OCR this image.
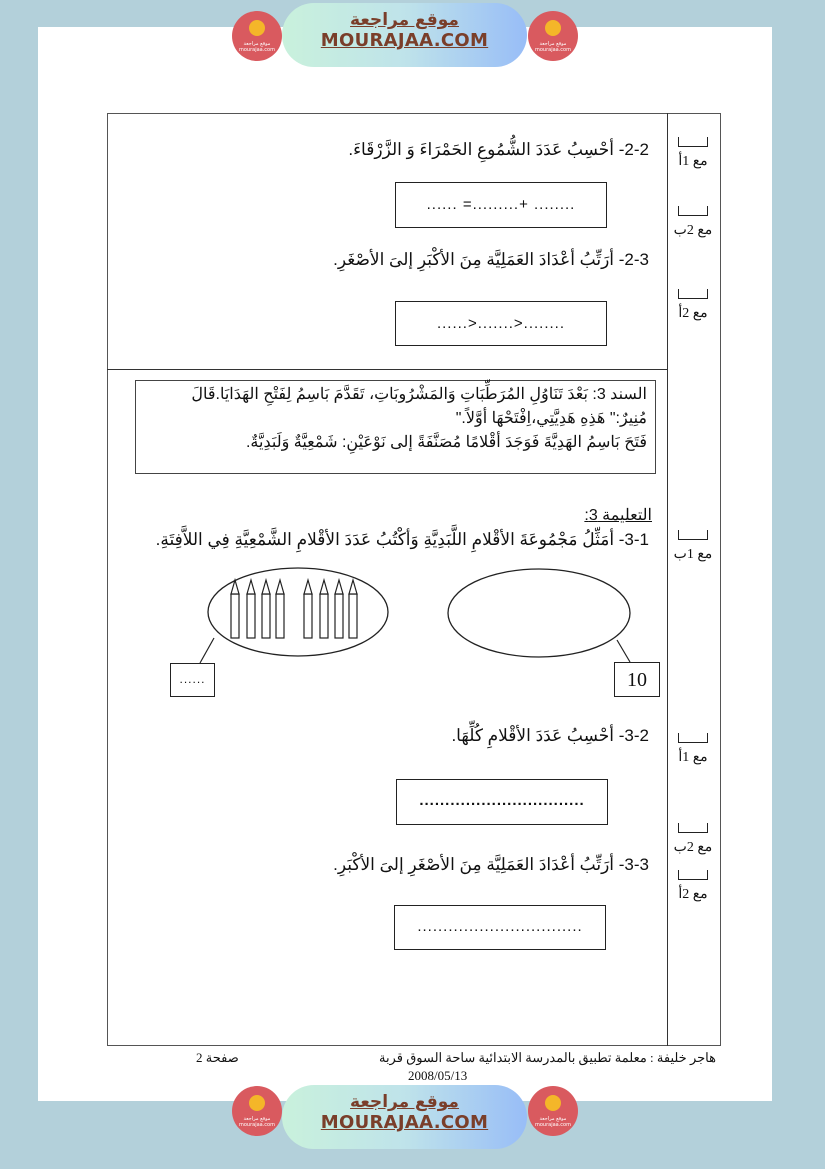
موقع مراجعة
mourajaa.com
موقع مراجعة
MOURAJAA.COM	موقع مراجعة
mourajaa.com
2-2- أحْسِبُ عَدَدَ الشُّمُوعِ الحَمْرَاءَ وَ الزَّرْقَاءَ.
...... =.........+ ........
2-3- أرَتِّبُ أعْدَادَ العَمَلِيَّة مِنَ الأكْبَرِ إلىَ الأصْغَرِ.
......>.......>........
السند 3: بَعْدَ تَنَاوُلِ المُرَطِّبَاتِ وَالمَشْرُوبَاتِ، تَقَدَّمَ بَاسِمُ لِفَتْحِ الهَدَايَا.قَالَ
مُنِيرٌ:" هَذِهِ هَدِيَّتِي،اِفْتَحْهَا أوَّلاً."
فَتَحَ بَاسِمُ الهَدِيَّةَ فَوَجَدَ أقْلامًا مُصَنَّفَةً إلى نَوْعَيْنِ: شَمْعِيَّةٌ وَلَبَدِيَّةٌ.
التعليمة 3:
3-1- أمَثِّلُ مَجْمُوعَةَ الأقْلامِ اللَّبَدِيَّةِ وَأكْتُبُ عَدَدَ الأقْلامِ الشَّمْعِيَّةِ فِي اللاَّفِتَةِ.
......	10
3-2- أحْسِبُ عَدَدَ الأقْلامِ كُلِّهَا.
................................
3-3- أرَتِّبُ أعْدَادَ العَمَلِيَّة مِنَ الأصْغَرِ إلىَ الأكْبَرِ.
................................
مع 1أ
مع 2ب
مع 2أ
مع 1ب
مع 1أ
مع 2ب
مع 2أ
هاجر خليفة : معلمة تطبيق بالمدرسة الابتدائية ساحة السوق قربة
صفحة 2
2008/05/13
موقع مراجعة
mourajaa.com
موقع مراجعة
MOURAJAA.COM	موقع مراجعة
mourajaa.com
